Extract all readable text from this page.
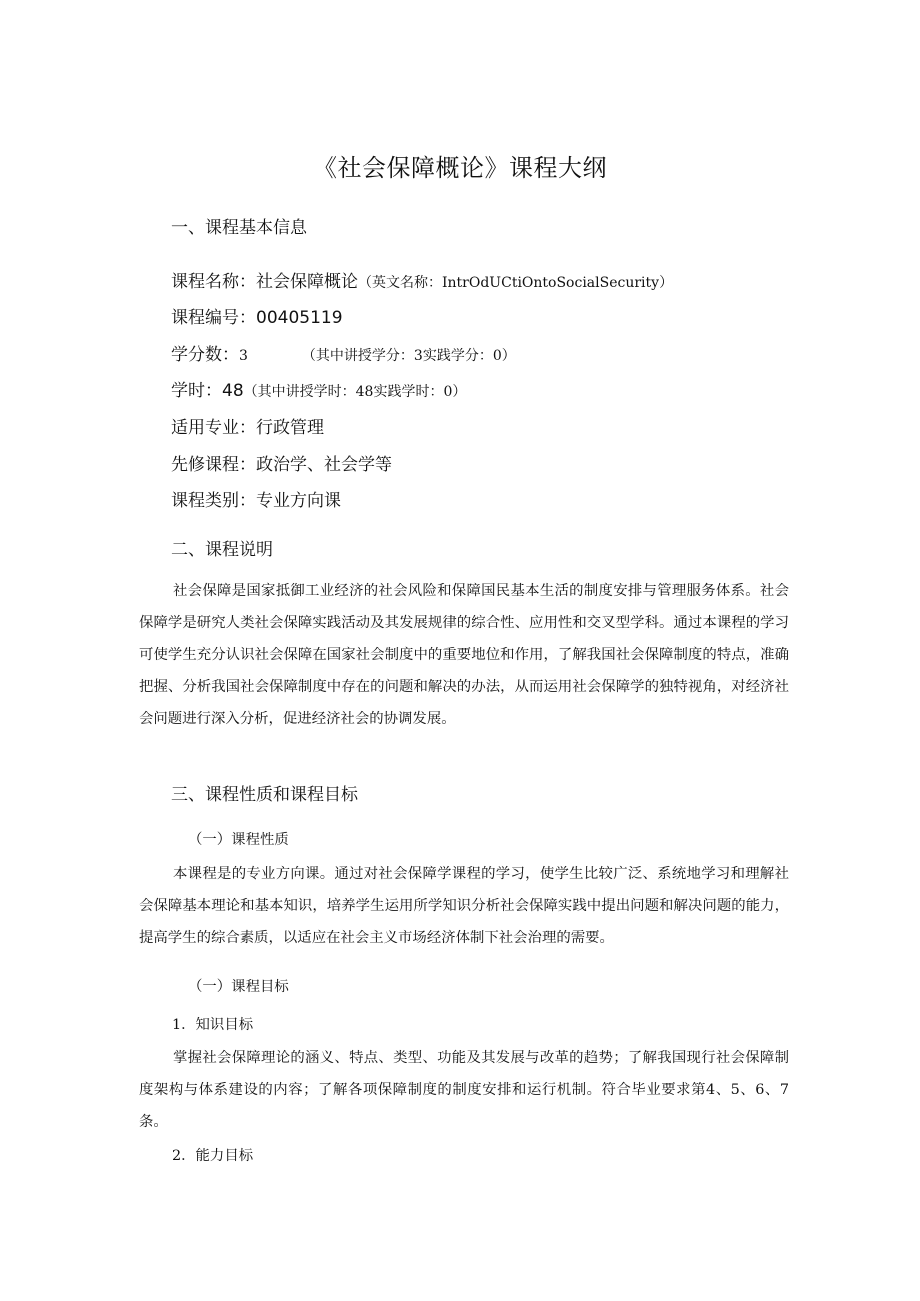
《社会保障概论》课程大纲
一、课程基本信息
课程名称：社会保障概论（英文名称：IntrOdUCtiOntoSocialSecurity）
课程编号：00405119
学分数：3	（其中讲授学分：3实践学分：0）
学时：48（其中讲授学时：48实践学时：0）
适用专业：行政管理
先修课程：政治学、社会学等
课程类别：专业方向课
二、课程说明
社会保障是国家抵御工业经济的社会风险和保障国民基本生活的制度安排与管理服务体系。社会保障学是研究人类社会保障实践活动及其发展规律的综合性、应用性和交叉型学科。通过本课程的学习可使学生充分认识社会保障在国家社会制度中的重要地位和作用，了解我国社会保障制度的特点，准确把握、分析我国社会保障制度中存在的问题和解决的办法，从而运用社会保障学的独特视角，对经济社会问题进行深入分析，促进经济社会的协调发展。
三、课程性质和课程目标
（一）课程性质
本课程是的专业方向课。通过对社会保障学课程的学习，使学生比较广泛、系统地学习和理解社会保障基本理论和基本知识，培养学生运用所学知识分析社会保障实践中提出问题和解决问题的能力，提高学生的综合素质，以适应在社会主义市场经济体制下社会治理的需要。
（一）课程目标
1．知识目标
掌握社会保障理论的涵义、特点、类型、功能及其发展与改革的趋势；了解我国现行社会保障制度架构与体系建设的内容；了解各项保障制度的制度安排和运行机制。符合毕业要求第4、5、6、7条。
2．能力目标
